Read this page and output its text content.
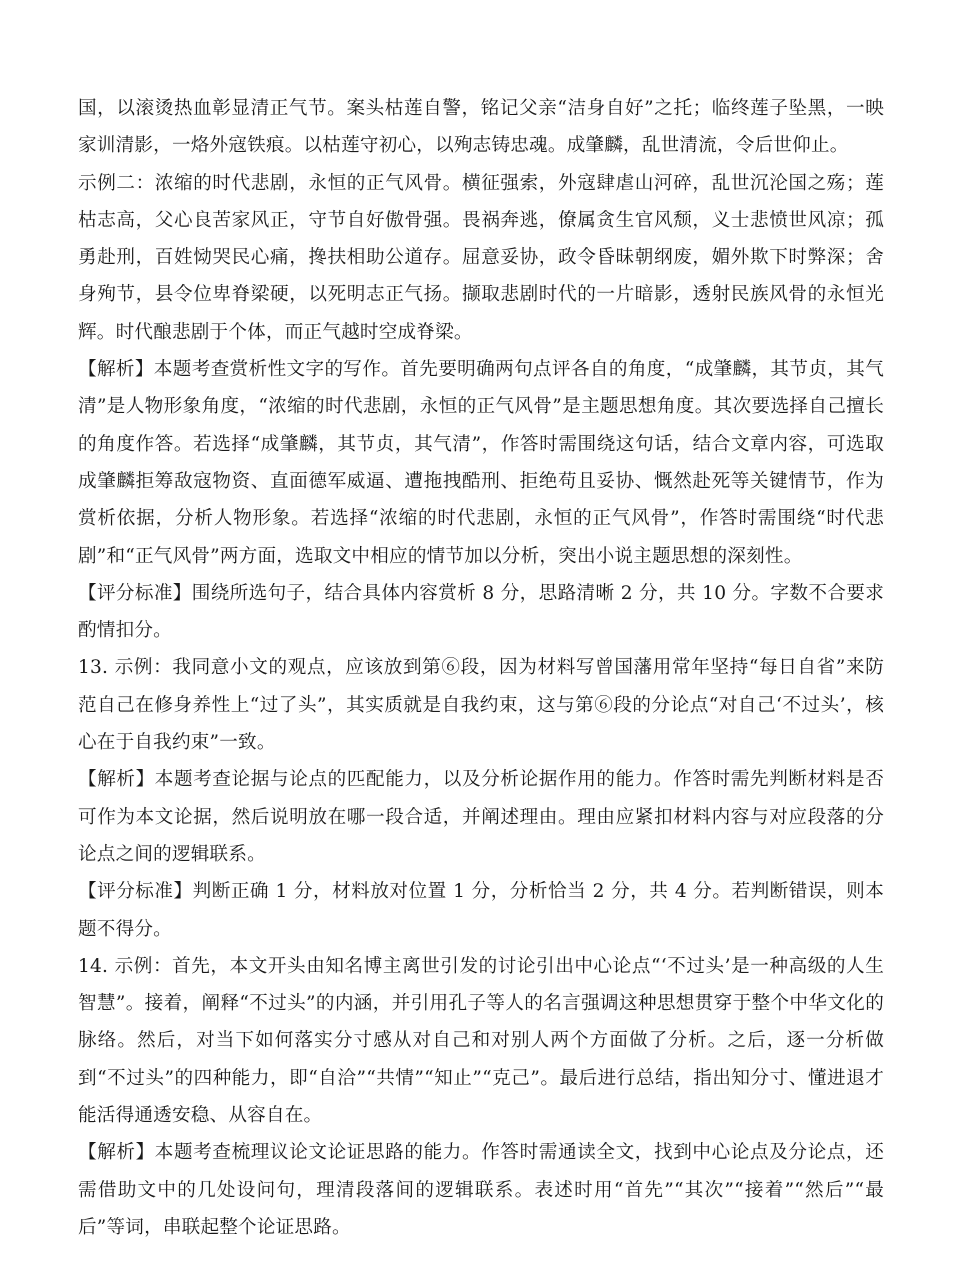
国，以滚烫热血彰显清正气节。案头枯莲自警，铭记父亲“洁身自好”之托；临终莲子坠黑，一映家训清影，一烙外寇铁痕。以枯莲守初心，以殉志铸忠魂。成肇麟，乱世清流，令后世仰止。

示例二：浓缩的时代悲剧，永恒的正气风骨。横征强索，外寇肆虐山河碎，乱世沉沦国之殇；莲枯志高，父心良苦家风正，守节自好傲骨强。畏祸奔逃，僚属贪生官风颓，义士悲愤世风凉；孤勇赴刑，百姓恸哭民心痛，搀扶相助公道存。屈意妥协，政令昏昧朝纲废，媚外欺下时弊深；舍身殉节，县令位卑脊梁硬，以死明志正气扬。撷取悲剧时代的一片暗影，透射民族风骨的永恒光辉。时代酿悲剧于个体，而正气越时空成脊梁。

【解析】本题考查赏析性文字的写作。首先要明确两句点评各自的角度，“成肇麟，其节贞，其气清”是人物形象角度，“浓缩的时代悲剧，永恒的正气风骨”是主题思想角度。其次要选择自己擅长的角度作答。若选择“成肇麟，其节贞，其气清”，作答时需围绕这句话，结合文章内容，可选取成肇麟拒筹敌寇物资、直面德军威逼、遭拖拽酷刑、拒绝苟且妥协、慨然赴死等关键情节，作为赏析依据，分析人物形象。若选择“浓缩的时代悲剧，永恒的正气风骨”，作答时需围绕“时代悲剧”和“正气风骨”两方面，选取文中相应的情节加以分析，突出小说主题思想的深刻性。

【评分标准】围绕所选句子，结合具体内容赏析 8 分，思路清晰 2 分，共 10 分。字数不合要求酌情扣分。

13. 示例：我同意小文的观点，应该放到第⑥段，因为材料写曾国藩用常年坚持“每日自省”来防范自己在修身养性上“过了头”，其实质就是自我约束，这与第⑥段的分论点“对自己‘不过头’，核心在于自我约束”一致。

【解析】本题考查论据与论点的匹配能力，以及分析论据作用的能力。作答时需先判断材料是否可作为本文论据，然后说明放在哪一段合适，并阐述理由。理由应紧扣材料内容与对应段落的分论点之间的逻辑联系。

【评分标准】判断正确 1 分，材料放对位置 1 分，分析恰当 2 分，共 4 分。若判断错误，则本题不得分。

14. 示例：首先，本文开头由知名博主离世引发的讨论引出中心论点“‘不过头’是一种高级的人生智慧”。接着，阐释“不过头”的内涵，并引用孔子等人的名言强调这种思想贯穿于整个中华文化的脉络。然后，对当下如何落实分寸感从对自己和对别人两个方面做了分析。之后，逐一分析做到“不过头”的四种能力，即“自洽”“共情”“知止”“克己”。最后进行总结，指出知分寸、懂进退才能活得通透安稳、从容自在。

【解析】本题考查梳理议论文论证思路的能力。作答时需通读全文，找到中心论点及分论点，还需借助文中的几处设问句，理清段落间的逻辑联系。表述时用“首先”“其次”“接着”“然后”“最后”等词，串联起整个论证思路。
